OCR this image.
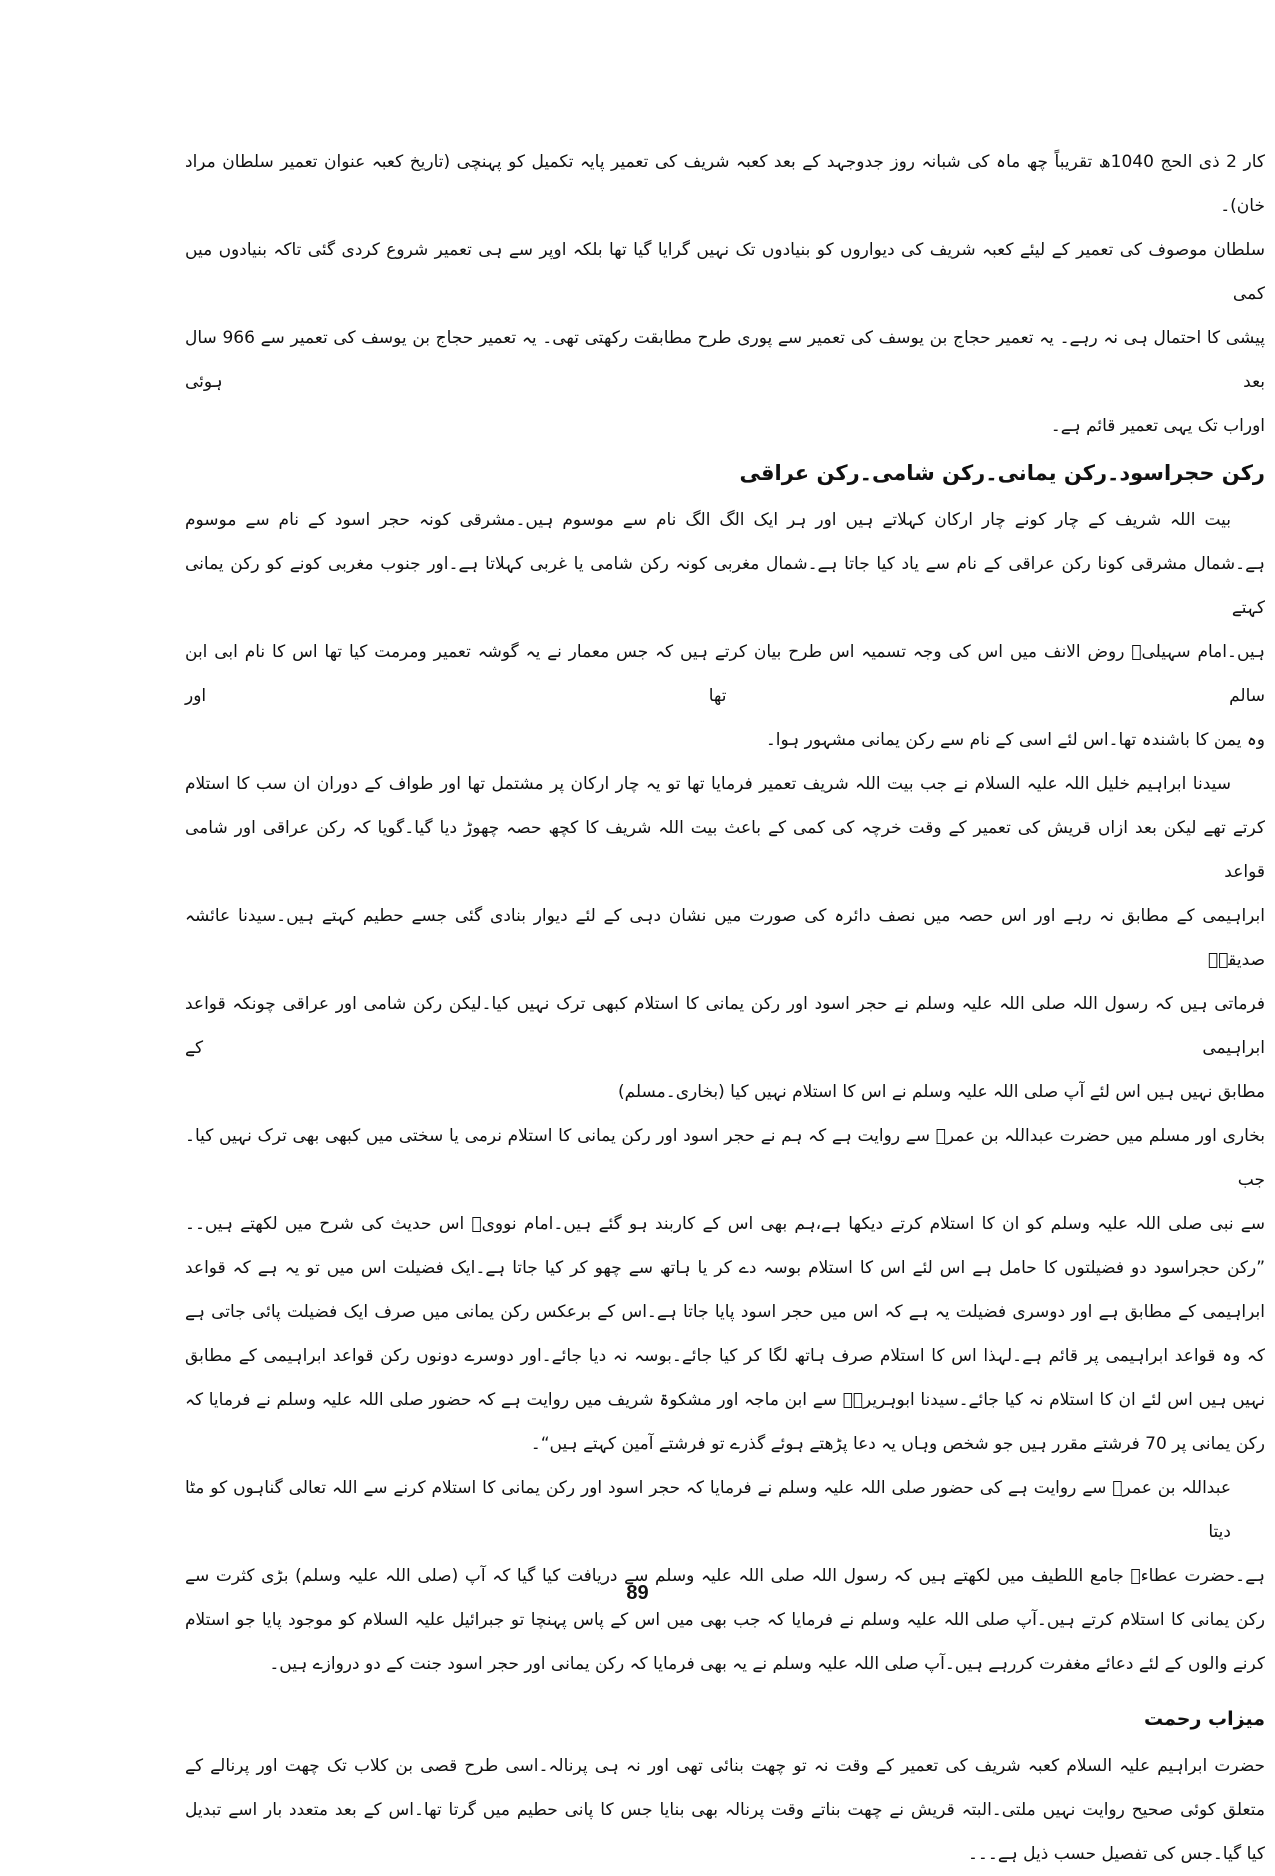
کار 2 ذی الحج 1040ھ تقریباً چھ ماہ کی شبانہ روز جدوجہد کے بعد کعبہ شریف کی تعمیر پایہ تکمیل کو پہنچی (تاریخ کعبہ عنوان تعمیر سلطان مراد خان)۔
سلطان موصوف کی تعمیر کے لیئے کعبہ شریف کی دیواروں کو بنیادوں تک نہیں گرایا گیا تھا بلکہ اوپر سے ہی تعمیر شروع کردی گئی تاکہ بنیادوں میں کمی
پیشی کا احتمال ہی نہ رہے۔ یہ تعمیر حجاج بن یوسف کی تعمیر سے پوری طرح مطابقت رکھتی تھی۔ یہ تعمیر حجاج بن یوسف کی تعمیر سے 966 سال بعد ہوئی
اوراب تک یہی تعمیر قائم ہے۔
رکن حجراسود۔رکن یمانی۔رکن شامی۔رکن عراقی
بیت اللہ شریف کے چار کونے چار ارکان کہلاتے ہیں اور ہر ایک الگ الگ نام سے موسوم ہیں۔مشرقی کونہ حجر اسود کے نام سے موسوم
ہے۔شمال مشرقی کونا رکن عراقی کے نام سے یاد کیا جاتا ہے۔شمال مغربی کونہ رکن شامی یا غربی کہلاتا ہے۔اور جنوب مغربی کونے کو رکن یمانی کہتے
ہیں۔امام سہیلیؒ روض الانف میں اس کی وجہ تسمیہ اس طرح بیان کرتے ہیں کہ جس معمار نے یہ گوشہ تعمیر ومرمت کیا تھا اس کا نام ابی ابن سالم تھا اور
وہ یمن کا باشندہ تھا۔اس لئے اسی کے نام سے رکن یمانی مشہور ہوا۔
سیدنا ابراہیم خلیل اللہ علیہ السلام نے جب بیت اللہ شریف تعمیر فرمایا تھا تو یہ چار ارکان پر مشتمل تھا اور طواف کے دوران ان سب کا استلام
کرتے تھے لیکن بعد ازاں قریش کی تعمیر کے وقت خرچہ کی کمی کے باعث بیت اللہ شریف کا کچھ حصہ چھوڑ دیا گیا۔گویا کہ رکن عراقی اور شامی قواعد
ابراہیمی کے مطابق نہ رہے اور اس حصہ میں نصف دائرہ کی صورت میں نشان دہی کے لئے دیوار بنادی گئی جسے حطیم کہتے ہیں۔سیدنا عائشہ صدیقہؓ
فرماتی ہیں کہ رسول اللہ صلی اللہ علیہ وسلم نے حجر اسود اور رکن یمانی کا استلام کبھی ترک نہیں کیا۔لیکن رکن شامی اور عراقی چونکہ قواعد ابراہیمی کے
مطابق نہیں ہیں اس لئے آپ صلی اللہ علیہ وسلم نے اس کا استلام نہیں کیا (بخاری۔مسلم)
بخاری اور مسلم میں حضرت عبداللہ بن عمرؓ سے روایت ہے کہ ہم نے حجر اسود اور رکن یمانی کا استلام نرمی یا سختی میں کبھی بھی ترک نہیں کیا۔جب
سے نبی صلی اللہ علیہ وسلم کو ان کا استلام کرتے دیکھا ہے،ہم بھی اس کے کاربند ہو گئے ہیں۔امام نوویؒ اس حدیث کی شرح میں لکھتے ہیں۔۔
”رکن حجراسود دو فضیلتوں کا حامل ہے اس لئے اس کا استلام بوسہ دے کر یا ہاتھ سے چھو کر کیا جاتا ہے۔ایک فضیلت اس میں تو یہ ہے کہ قواعد
ابراہیمی کے مطابق ہے اور دوسری فضیلت یہ ہے کہ اس میں حجر اسود پایا جاتا ہے۔اس کے برعکس رکن یمانی میں صرف ایک فضیلت پائی جاتی ہے
کہ وہ قواعد ابراہیمی پر قائم ہے۔لہذا اس کا استلام صرف ہاتھ لگا کر کیا جائے۔بوسہ نہ دیا جائے۔اور دوسرے دونوں رکن قواعد ابراہیمی کے مطابق
نہیں ہیں اس لئے ان کا استلام نہ کیا جائے۔سیدنا ابوہریرہؓ سے ابن ماجہ اور مشکوۃ شریف میں روایت ہے کہ حضور صلی اللہ علیہ وسلم نے فرمایا کہ
رکن یمانی پر 70 فرشتے مقرر ہیں جو شخص وہاں یہ دعا پڑھتے ہوئے گذرے تو فرشتے آمین کہتے ہیں“۔
عبداللہ بن عمرؓ سے روایت ہے کی حضور صلی اللہ علیہ وسلم نے فرمایا کہ حجر اسود اور رکن یمانی کا استلام کرنے سے اللہ تعالی گناہوں کو مٹا دیتا
ہے۔حضرت عطاءؒ جامع اللطیف میں لکھتے ہیں کہ رسول اللہ صلی اللہ علیہ وسلم سے دریافت کیا گیا کہ آپ (صلی اللہ علیہ وسلم) بڑی کثرت سے
رکن یمانی کا استلام کرتے ہیں۔آپ صلی اللہ علیہ وسلم نے فرمایا کہ جب بھی میں اس کے پاس پہنچا تو جبرائیل علیہ السلام کو موجود پایا جو استلام
کرنے والوں کے لئے دعائے مغفرت کررہے ہیں۔آپ صلی اللہ علیہ وسلم نے یہ بھی فرمایا کہ رکن یمانی اور حجر اسود جنت کے دو دروازے ہیں۔
میزاب رحمت
حضرت ابراہیم علیہ السلام کعبہ شریف کی تعمیر کے وقت نہ تو چھت بنائی تھی اور نہ ہی پرنالہ۔اسی طرح قصی بن کلاب تک چھت اور پرنالے کے
متعلق کوئی صحیح روایت نہیں ملتی۔البتہ قریش نے چھت بناتے وقت پرنالہ بھی بنایا جس کا پانی حطیم میں گرتا تھا۔اس کے بعد متعدد بار اسے تبدیل
کیا گیا۔جس کی تفصیل حسب ذیل ہے۔۔۔
89
